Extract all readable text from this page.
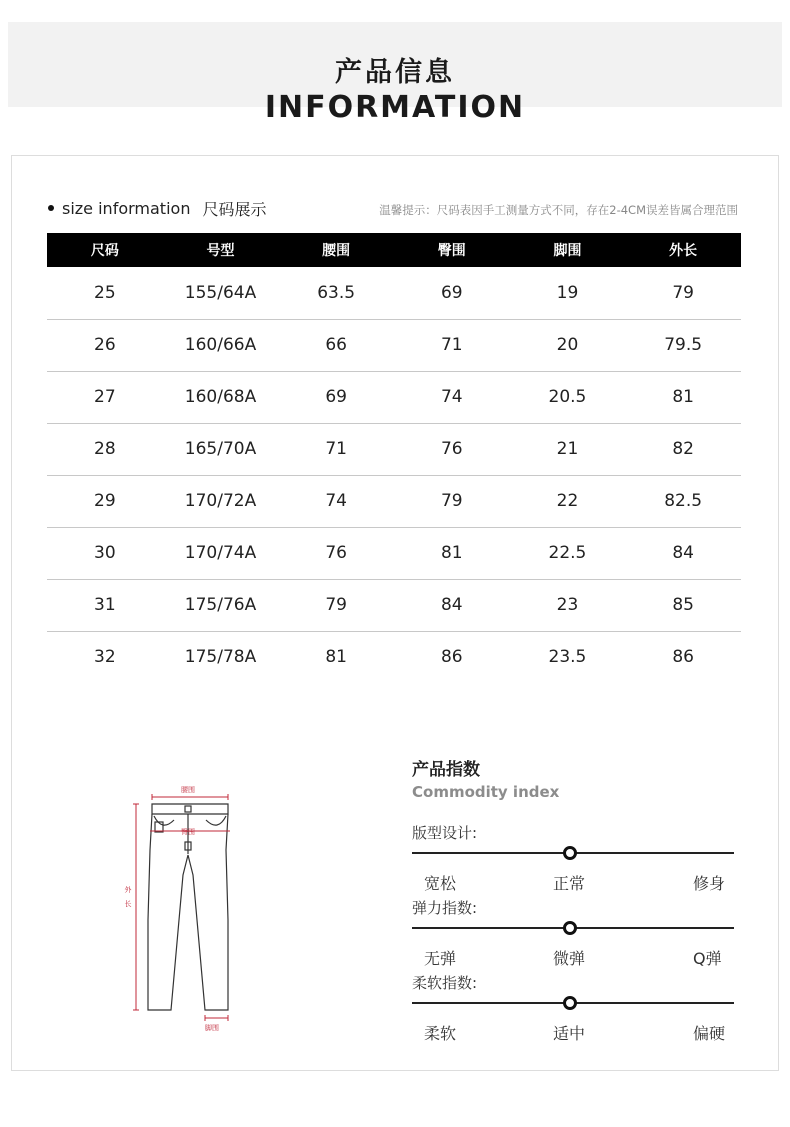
产品信息
INFORMATION
size information 尺码展示	温馨提示：尺码表因手工测量方式不同，存在2-4CM误差皆属合理范围
尺码	号型	腰围	臀围	脚围	外长
25	155/64A	63.5	69	19	79
26	160/66A	66	71	20	79.5
27	160/68A	69	74	20.5	81
28	165/70A	71	76	21	82
29	170/72A	74	79	22	82.5
30	170/74A	76	81	22.5	84
31	175/76A	79	84	23	85
32	175/78A	81	86	23.5	86
腰围
臀围
外
长
脚围
产品指数
Commodity index
版型设计:
宽松	正常	修身
弹力指数:
无弹	微弹	Q弹
柔软指数:
柔软	适中	偏硬
